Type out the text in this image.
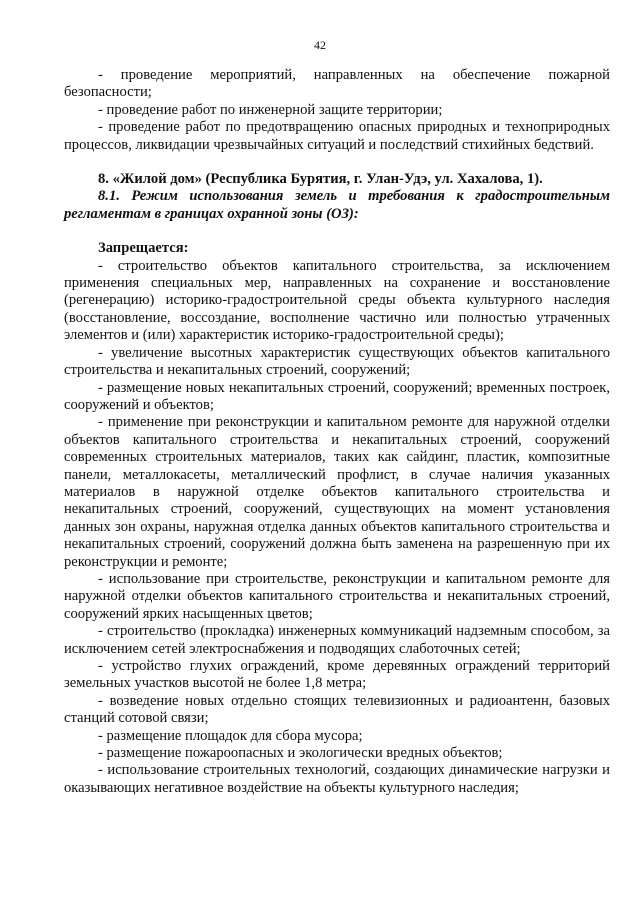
42

- проведение мероприятий, направленных на обеспечение пожарной безопасности;

- проведение работ по инженерной защите территории;

- проведение работ по предотвращению опасных природных и технoприродных процессов, ликвидации чрезвычайных ситуаций и последствий стихийных бедствий.

8. «Жилой дом» (Республика Бурятия, г. Улан-Удэ, ул. Хахалова, 1).

8.1. Режим использования земель и требования к градостроительным регламентам в границах охранной зоны (ОЗ):

Запрещается:

- строительство объектов капитального строительства, за исключением применения специальных мер, направленных на сохранение и восстановление (регенерацию) историко-градостроительной среды объекта культурного наследия (восстановление, воссоздание, восполнение частично или полностью утраченных элементов и (или) характеристик историко-градостроительной среды);

- увеличение высотных характеристик существующих объектов капитального строительства и некапитальных строений, сооружений;

- размещение новых некапитальных строений, сооружений; временных построек, сооружений и объектов;

- применение при реконструкции и капитальном ремонте для наружной отделки объектов капитального строительства и некапитальных строений, сооружений современных строительных материалов, таких как сайдинг, пластик, композитные панели, металлокасеты, металлический профлист, в случае наличия указанных материалов в наружной отделке объектов капитального строительства и некапитальных строений, сооружений, существующих на момент установления данных зон охраны, наружная отделка данных объектов капитального строительства и некапитальных строений, сооружений должна быть заменена на разрешенную при их реконструкции и ремонте;

- использование при строительстве, реконструкции и капитальном ремонте для наружной отделки объектов капитального строительства и некапитальных строений, сооружений ярких насыщенных цветов;

- строительство (прокладка) инженерных коммуникаций надземным способом, за исключением сетей электроснабжения и подводящих слаботочных сетей;

- устройство глухих ограждений, кроме деревянных ограждений территорий земельных участков высотой не более 1,8 метра;

- возведение новых отдельно стоящих телевизионных и радиоантенн, базовых станций сотовой связи;

- размещение площадок для сбора мусора;

- размещение пожароопасных и экологически вредных объектов;

- использование строительных технологий, создающих динамические нагрузки и оказывающих негативное воздействие на объекты культурного наследия;
